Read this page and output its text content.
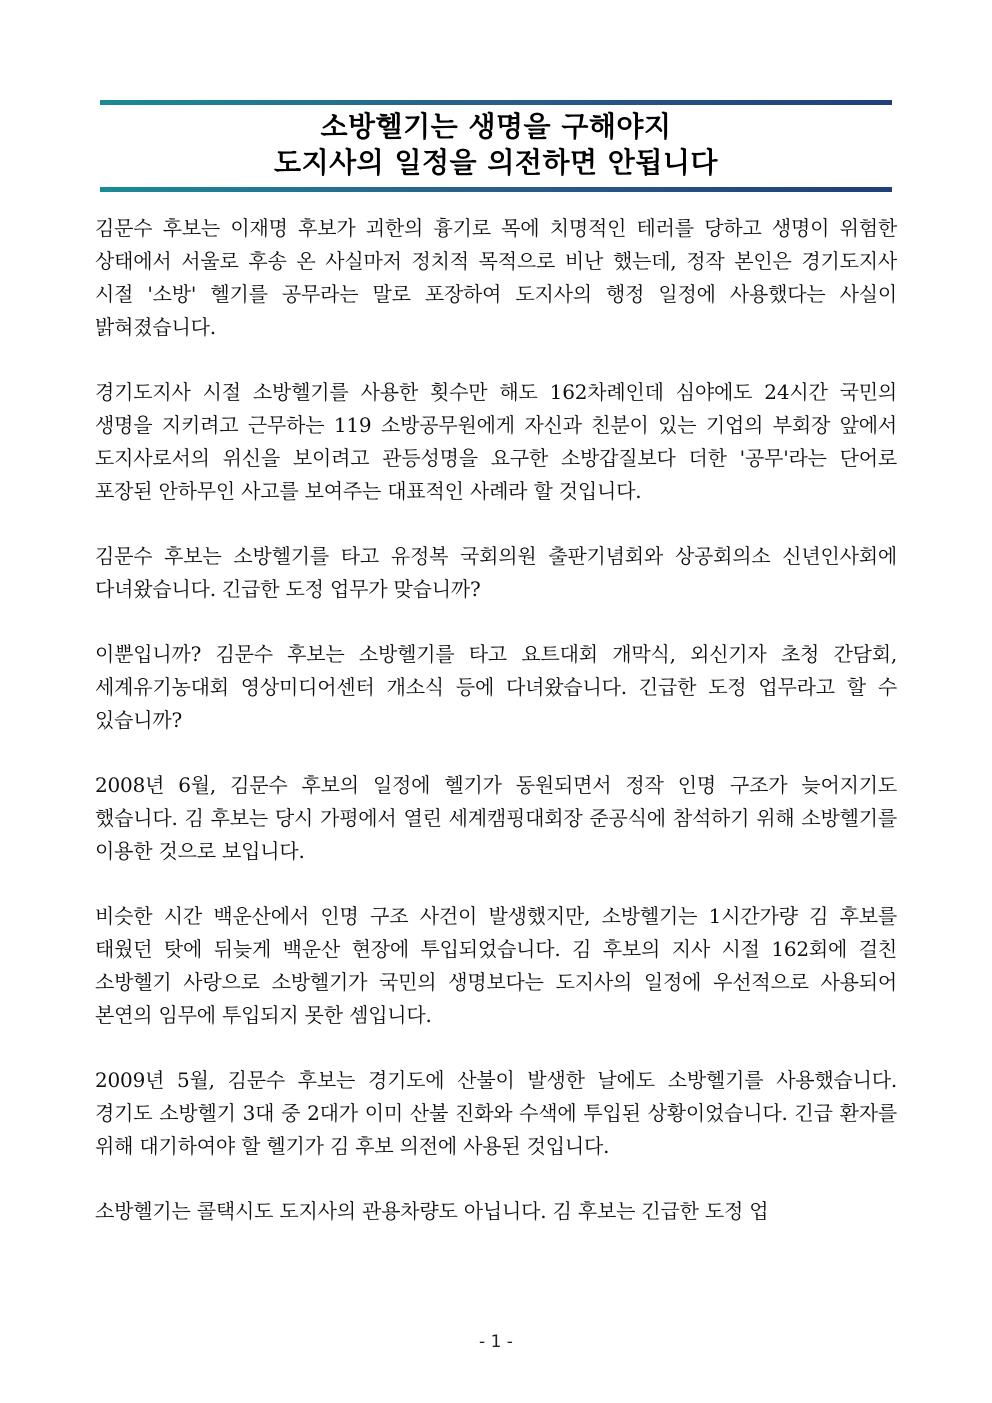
소방헬기는 생명을 구해야지
도지사의 일정을 의전하면 안됩니다

김문수 후보는 이재명 후보가 괴한의 흉기로 목에 치명적인 테러를 당하고 생명이 위험한 상태에서 서울로 후송 온 사실마저 정치적 목적으로 비난 했는데, 정작 본인은 경기도지사 시절 '소방' 헬기를 공무라는 말로 포장하여 도지사의 행정 일정에 사용했다는 사실이 밝혀졌습니다.

경기도지사 시절 소방헬기를 사용한 횟수만 해도 162차례인데 심야에도 24시간 국민의 생명을 지키려고 근무하는 119 소방공무원에게 자신과 친분이 있는 기업의 부회장 앞에서 도지사로서의 위신을 보이려고 관등성명을 요구한 소방갑질보다 더한 '공무'라는 단어로 포장된 안하무인 사고를 보여주는 대표적인 사례라 할 것입니다.

김문수 후보는 소방헬기를 타고 유정복 국회의원 출판기념회와 상공회의소 신년인사회에 다녀왔습니다. 긴급한 도정 업무가 맞습니까?

이뿐입니까? 김문수 후보는 소방헬기를 타고 요트대회 개막식, 외신기자 초청 간담회, 세계유기농대회 영상미디어센터 개소식 등에 다녀왔습니다. 긴급한 도정 업무라고 할 수 있습니까?

2008년 6월, 김문수 후보의 일정에 헬기가 동원되면서 정작 인명 구조가 늦어지기도 했습니다. 김 후보는 당시 가평에서 열린 세계캠핑대회장 준공식에 참석하기 위해 소방헬기를 이용한 것으로 보입니다.

비슷한 시간 백운산에서 인명 구조 사건이 발생했지만, 소방헬기는 1시간가량 김 후보를 태웠던 탓에 뒤늦게 백운산 현장에 투입되었습니다. 김 후보의 지사 시절 162회에 걸친 소방헬기 사랑으로 소방헬기가 국민의 생명보다는 도지사의 일정에 우선적으로 사용되어 본연의 임무에 투입되지 못한 셈입니다.

2009년 5월, 김문수 후보는 경기도에 산불이 발생한 날에도 소방헬기를 사용했습니다. 경기도 소방헬기 3대 중 2대가 이미 산불 진화와 수색에 투입된 상황이었습니다. 긴급 환자를 위해 대기하여야 할 헬기가 김 후보 의전에 사용된 것입니다.

소방헬기는 콜택시도 도지사의 관용차량도 아닙니다. 김 후보는 긴급한 도정 업

- 1 -
